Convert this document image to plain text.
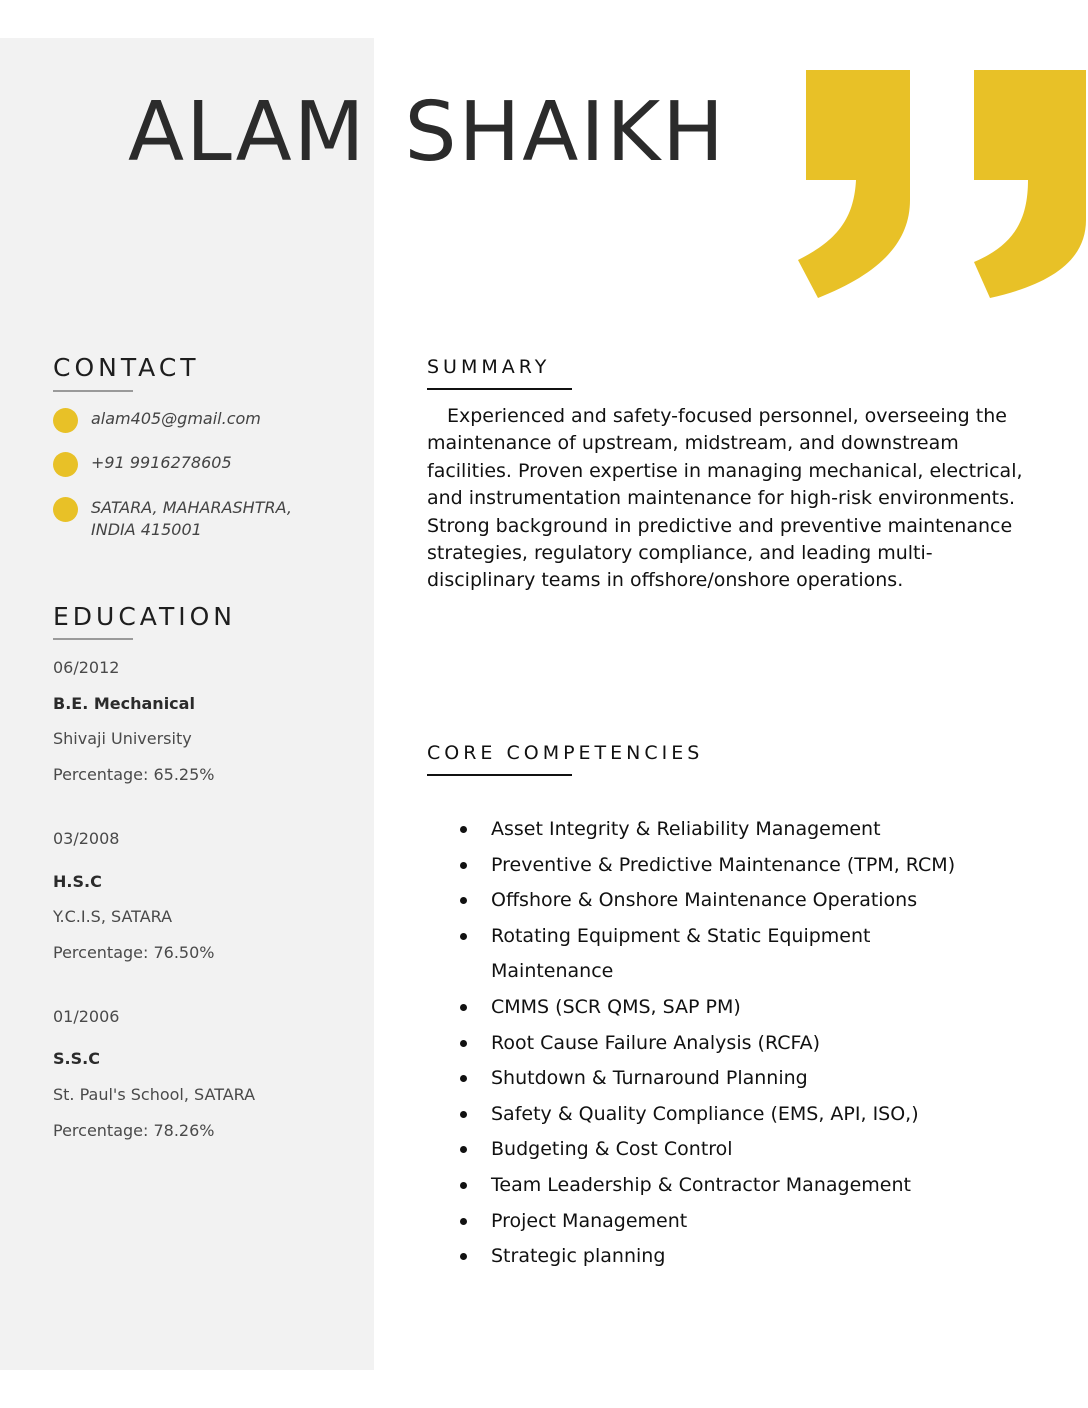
ALAM SHAIKH
CONTACT
alam405@gmail.com
+91 9916278605
SATARA, MAHARASHTRA,
INDIA 415001
EDUCATION
06/2012
B.E. Mechanical
Shivaji University
Percentage: 65.25%
03/2008
H.S.C
Y.C.I.S, SATARA
Percentage: 76.50%
01/2006
S.S.C
St. Paul's School, SATARA
Percentage: 78.26%
SUMMARY

Experienced and safety-focused personnel, overseeing the maintenance of upstream, midstream, and downstream facilities. Proven expertise in managing mechanical, electrical, and instrumentation maintenance for high-risk environments. Strong background in predictive and preventive maintenance strategies, regulatory compliance, and leading multi-disciplinary teams in offshore/onshore operations.

CORE COMPETENCIES
Asset Integrity & Reliability Management
Preventive & Predictive Maintenance (TPM, RCM)
Offshore & Onshore Maintenance Operations
Rotating Equipment & Static Equipment Maintenance
CMMS (SCR QMS, SAP PM)
Root Cause Failure Analysis (RCFA)
Shutdown & Turnaround Planning
Safety & Quality Compliance (EMS, API, ISO,)
Budgeting & Cost Control
Team Leadership & Contractor Management
Project Management
Strategic planning
